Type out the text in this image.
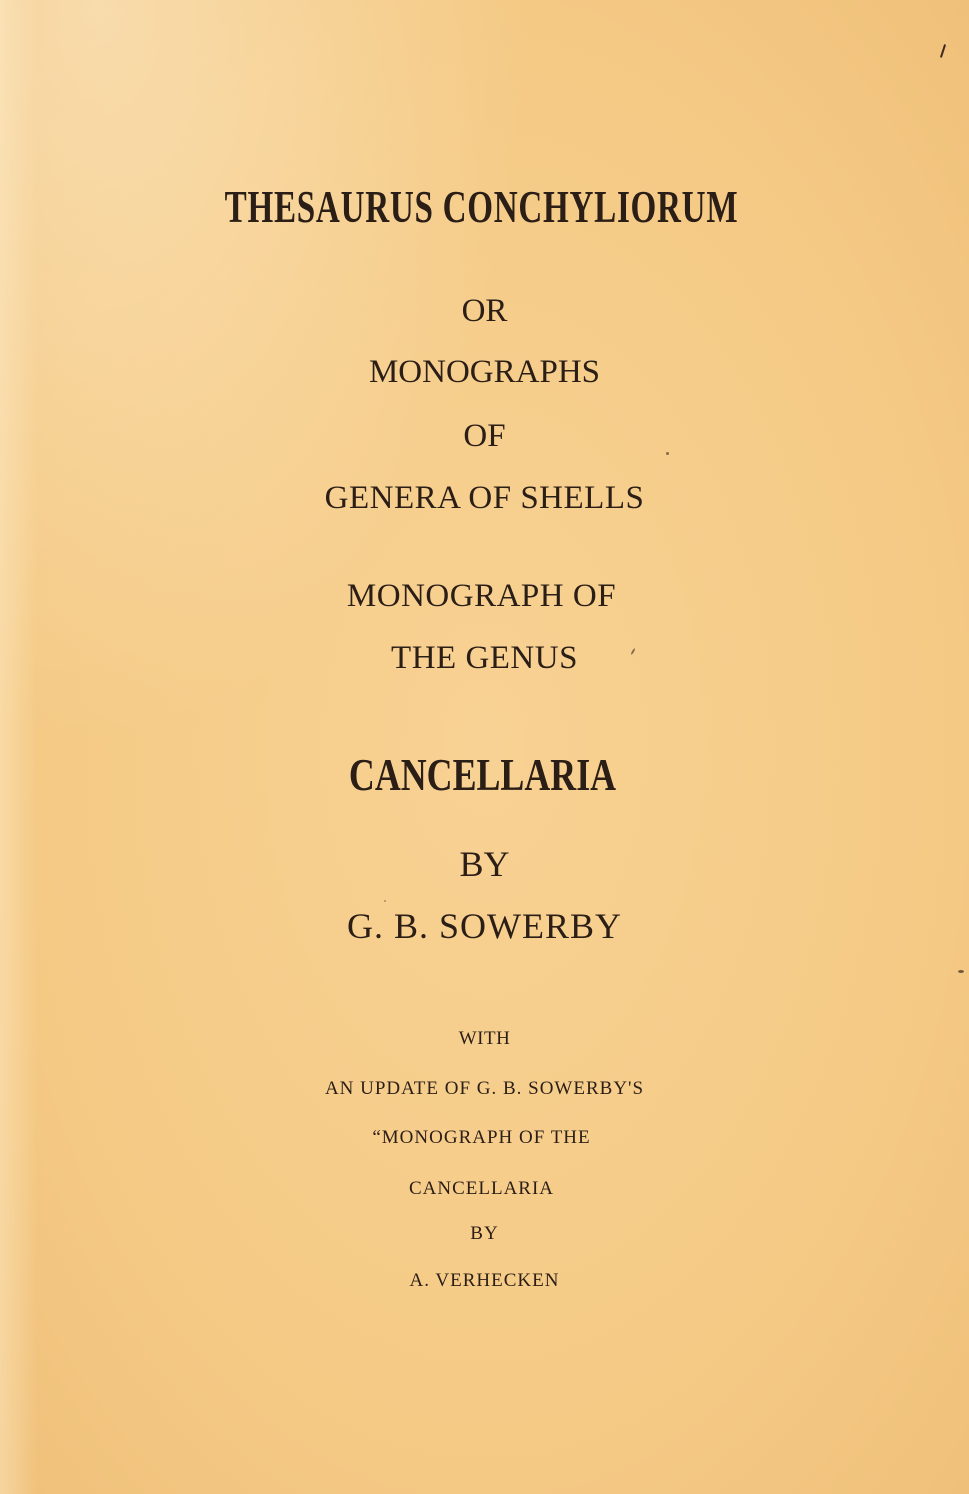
THESAURUS CONCHYLIORUM
OR
MONOGRAPHS
OF
GENERA OF SHELLS
MONOGRAPH OF
THE GENUS
CANCELLARIA
BY
G. B. SOWERBY
WITH
AN UPDATE OF G. B. SOWERBY'S
“MONOGRAPH OF THE
CANCELLARIA
BY
A. VERHECKEN
